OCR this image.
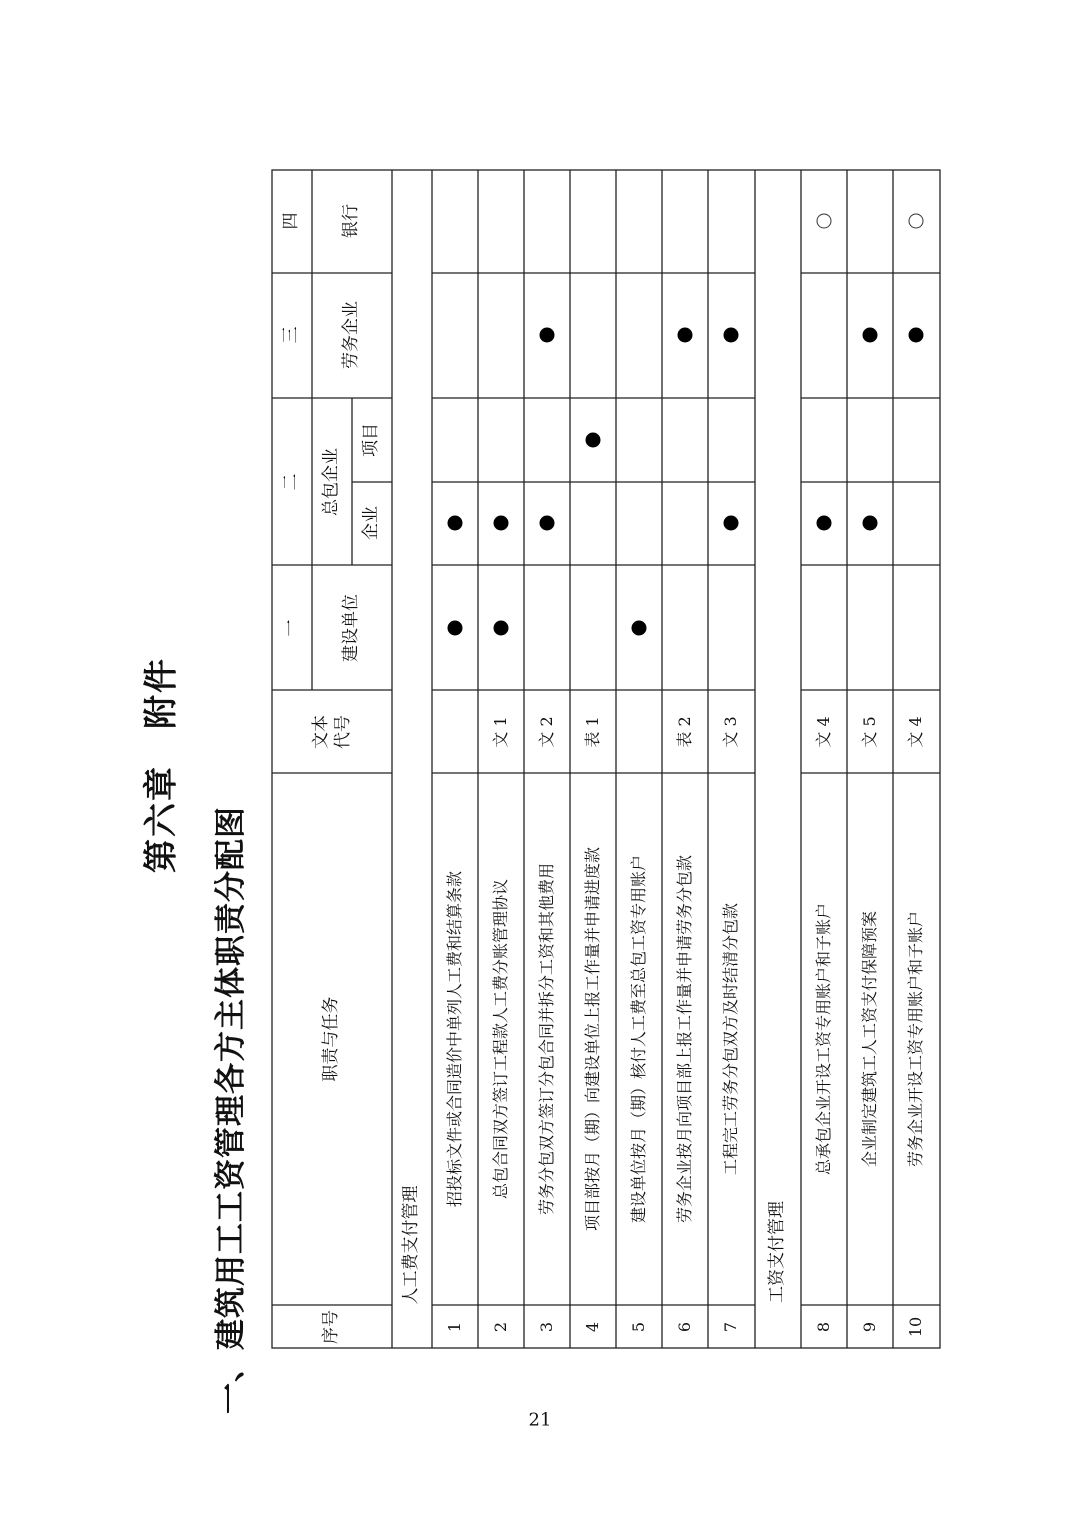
第六章　附件
一、建筑用工工资管理各方主体职责分配图
21
序号
职责与任务
文本代号
一 建设单位
二 总包企业
企业
项目
三 劳务企业
四 银行
人工费支付管理	工资支付管理
1
招投标文件或合同造价中单列人工费和结算条款
2
总包合同双方签订工程款人工费分账管理协议
文 1
3
劳务分包双方签订分包合同并拆分工资和其他费用
文 2
4
项目部按月（期）向建设单位上报工作量并申请进度款
表 1
5
建设单位按月（期）核付人工费至总包工资专用账户
6
劳务企业按月向项目部上报工作量并申请劳务分包款
表 2
7
工程完工劳务分包双方及时结清分包款
文 3
8
总承包企业开设工资专用账户和子账户
文 4
9
企业制定建筑工人工资支付保障预案
文 5
10
劳务企业开设工资专用账户和子账户
文 4
